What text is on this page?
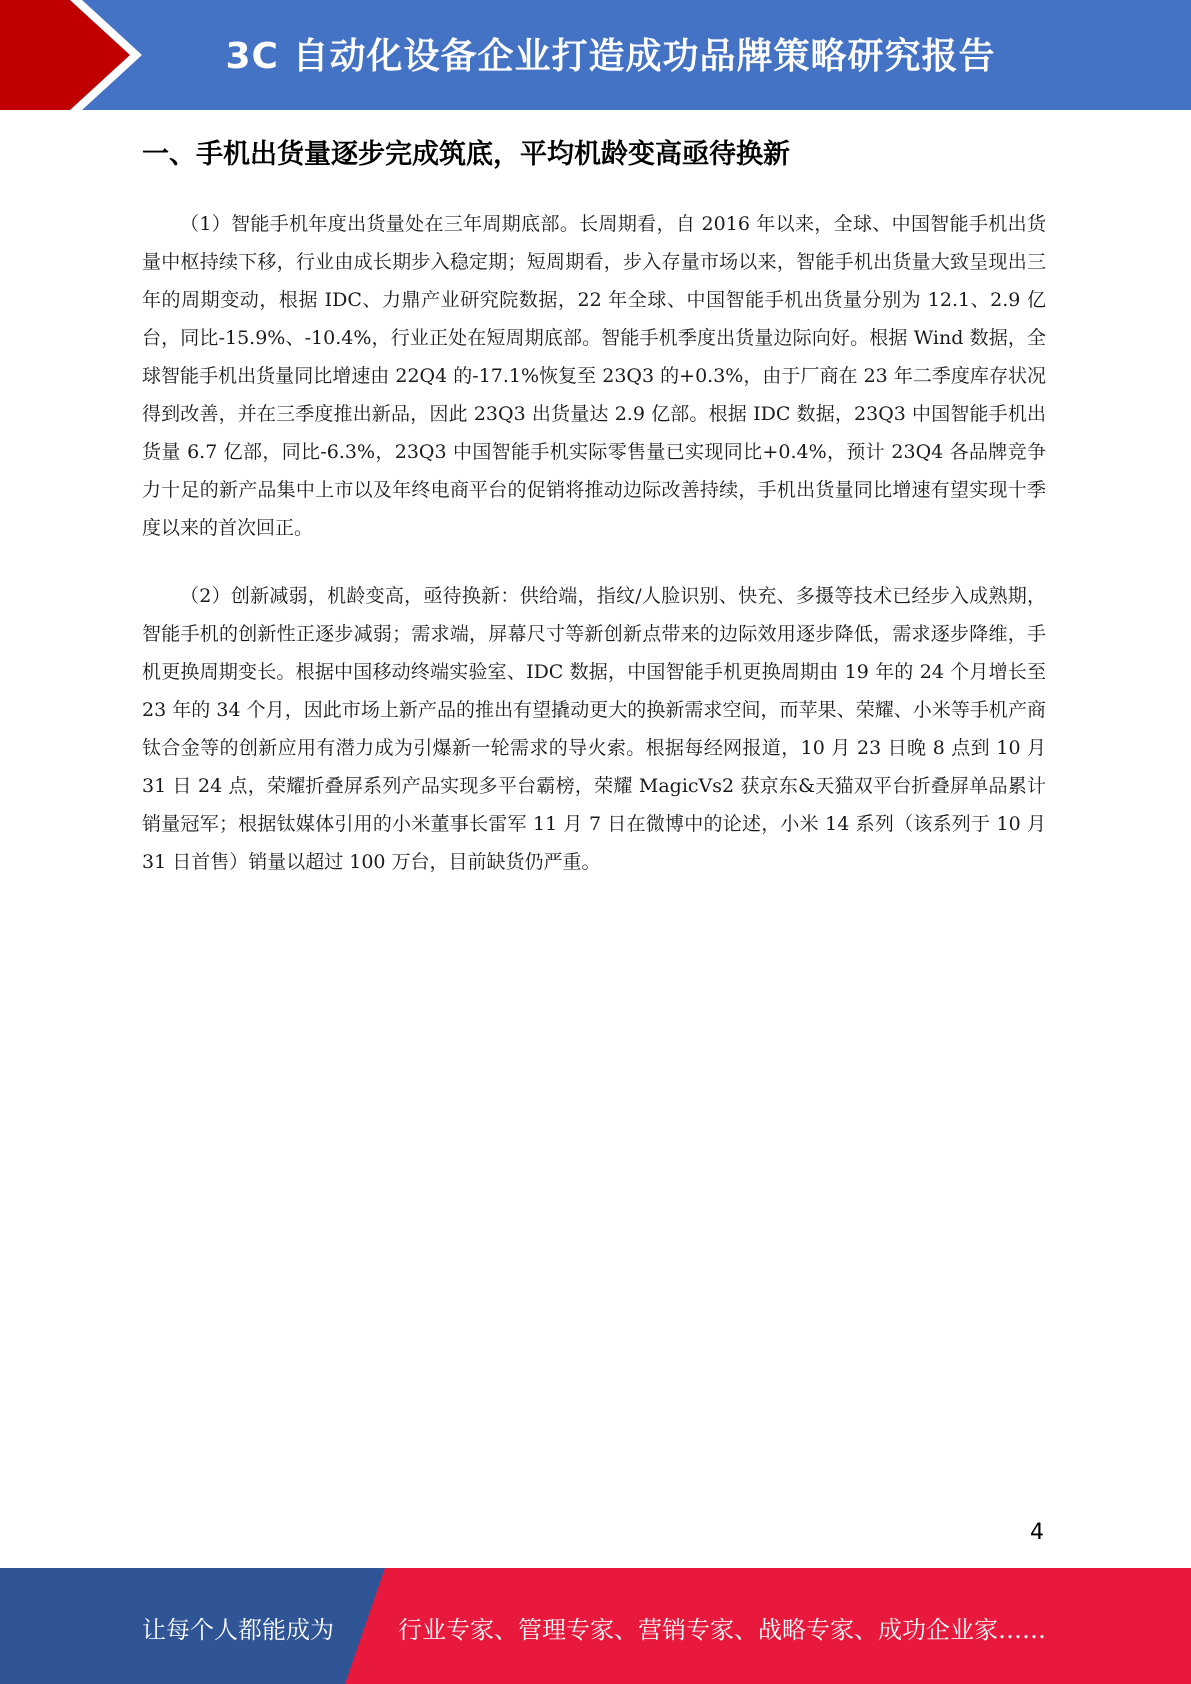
3C 自动化设备企业打造成功品牌策略研究报告
一、手机出货量逐步完成筑底，平均机龄变高亟待换新

（1）智能手机年度出货量处在三年周期底部。长周期看，自 2016 年以来，全球、中国智能手机出货量中枢持续下移，行业由成长期步入稳定期；短周期看，步入存量市场以来，智能手机出货量大致呈现出三年的周期变动，根据 IDC、力鼎产业研究院数据，22 年全球、中国智能手机出货量分别为 12.1、2.9 亿台，同比-15.9%、-10.4%，行业正处在短周期底部。智能手机季度出货量边际向好。根据 Wind 数据，全球智能手机出货量同比增速由 22Q4 的-17.1%恢复至 23Q3 的+0.3%，由于厂商在 23 年二季度库存状况得到改善，并在三季度推出新品，因此 23Q3 出货量达 2.9 亿部。根据 IDC 数据，23Q3 中国智能手机出货量 6.7 亿部，同比-6.3%，23Q3 中国智能手机实际零售量已实现同比+0.4%，预计 23Q4 各品牌竞争力十足的新产品集中上市以及年终电商平台的促销将推动边际改善持续，手机出货量同比增速有望实现十季度以来的首次回正。

（2）创新减弱，机龄变高，亟待换新：供给端，指纹/人脸识别、快充、多摄等技术已经步入成熟期，智能手机的创新性正逐步减弱；需求端，屏幕尺寸等新创新点带来的边际效用逐步降低，需求逐步降维，手机更换周期变长。根据中国移动终端实验室、IDC 数据，中国智能手机更换周期由 19 年的 24 个月增长至 23 年的 34 个月，因此市场上新产品的推出有望撬动更大的换新需求空间，而苹果、荣耀、小米等手机产商钛合金等的创新应用有潜力成为引爆新一轮需求的导火索。根据每经网报道，10 月 23 日晚 8 点到 10 月 31 日 24 点，荣耀折叠屏系列产品实现多平台霸榜，荣耀 MagicVs2 获京东&天猫双平台折叠屏单品累计销量冠军；根据钛媒体引用的小米董事长雷军 11 月 7 日在微博中的论述，小米 14 系列（该系列于 10 月 31 日首售）销量以超过 100 万台，目前缺货仍严重。

4
让每个人都能成为	行业专家、管理专家、营销专家、战略专家、成功企业家……
